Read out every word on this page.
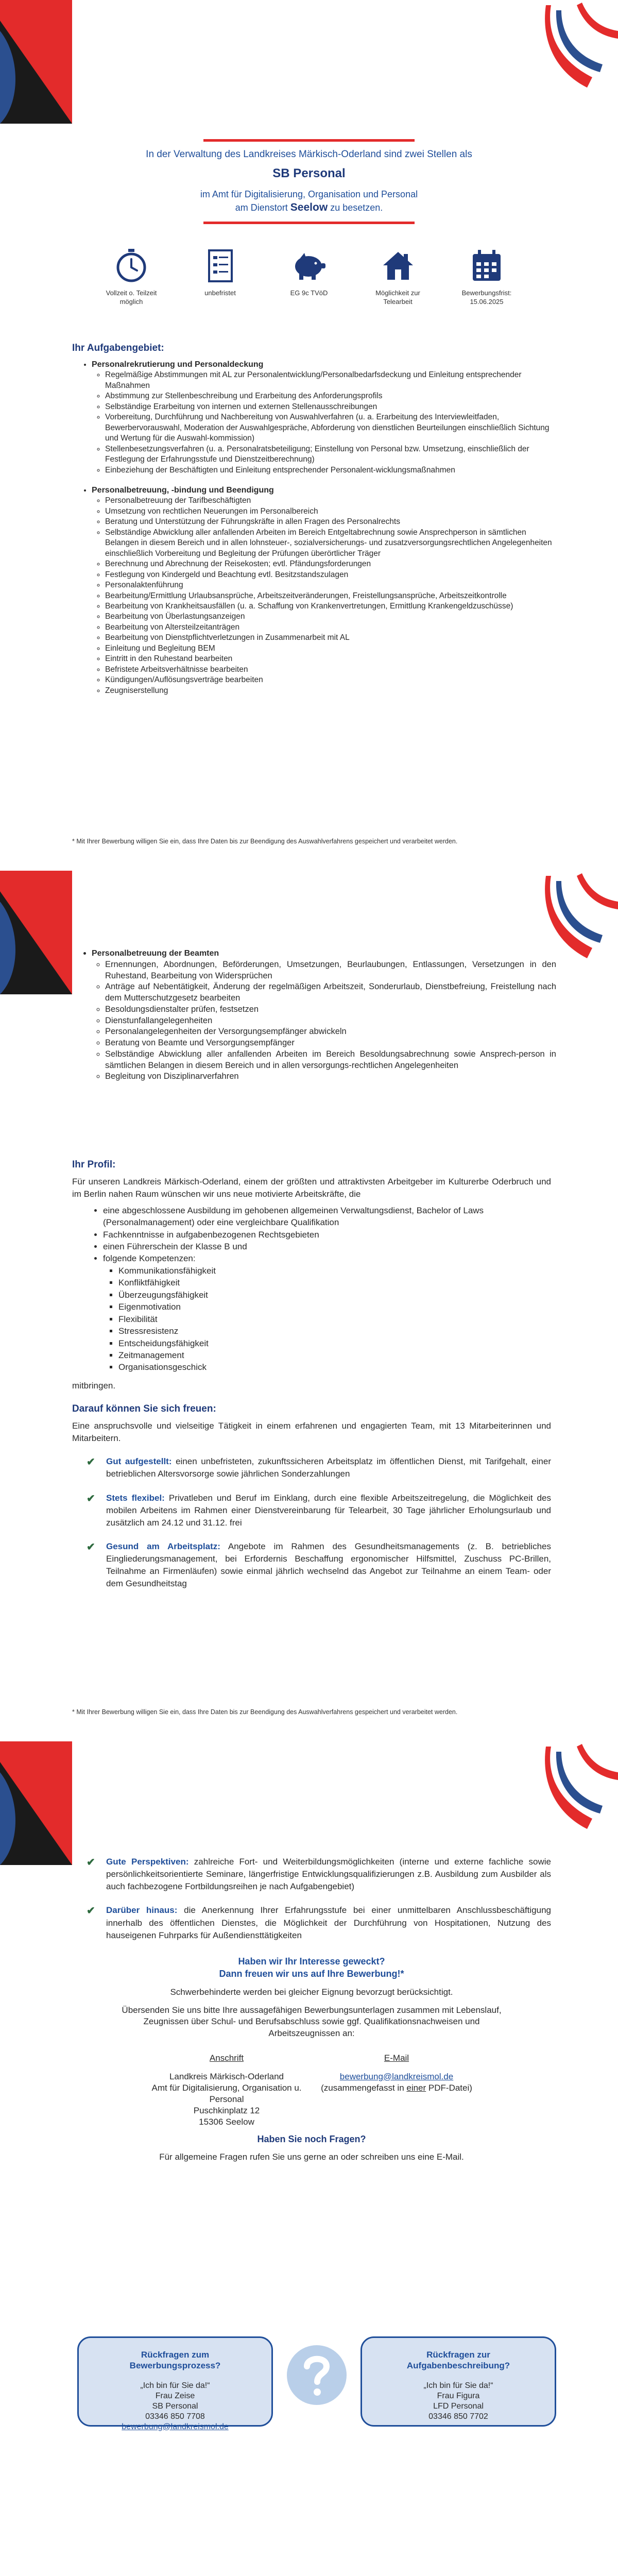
In der Verwaltung des Landkreises Märkisch-Oderland sind zwei Stellen als
SB Personal
im Amt für Digitalisierung, Organisation und Personal
am Dienstort Seelow zu besetzen.
Vollzeit o. Teilzeit möglich
unbefristet	EG 9c TVöD	Möglichkeit zur Telearbeit
Bewerbungsfrist: 15.06.2025
Ihr Aufgabengebiet:
• Personalrekrutierung und Personaldeckung
◦ Regelmäßige Abstimmungen mit AL zur Personalentwicklung/Personalbedarfsdeckung und Einleitung entsprechender Maßnahmen
◦ Abstimmung zur Stellenbeschreibung und Erarbeitung des Anforderungsprofils
◦ Selbständige Erarbeitung von internen und externen Stellenausschreibungen
◦ Vorbereitung, Durchführung und Nachbereitung von Auswahlverfahren (u. a. Erarbeitung des Interviewleitfaden, Bewerbervorauswahl, Moderation der Auswahlgespräche, Abforderung von dienstlichen Beurteilungen einschließlich Sichtung und Wertung für die Auswahl-kommission)
◦ Stellenbesetzungsverfahren (u. a. Personalratsbeteiligung; Einstellung von Personal bzw. Umsetzung, einschließlich der Festlegung der Erfahrungsstufe und Dienstzeitberechnung)
◦ Einbeziehung der Beschäftigten und Einleitung entsprechender Personalent-wicklungsmaßnahmen
• Personalbetreuung, -bindung und Beendigung
◦ Personalbetreuung der Tarifbeschäftigten
◦ Umsetzung von rechtlichen Neuerungen im Personalbereich
◦ Beratung und Unterstützung der Führungskräfte in allen Fragen des Personalrechts
◦ Selbständige Abwicklung aller anfallenden Arbeiten im Bereich Entgeltabrechnung sowie Ansprechperson in sämtlichen Belangen in diesem Bereich und in allen lohnsteuer-, sozialversicherungs- und zusatzversorgungsrechtlichen Angelegenheiten einschließlich Vorbereitung und Begleitung der Prüfungen überörtlicher Träger
◦ Berechnung und Abrechnung der Reisekosten; evtl. Pfändungsforderungen
◦ Festlegung von Kindergeld und Beachtung evtl. Besitzstandszulagen
◦ Personalaktenführung
◦ Bearbeitung/Ermittlung Urlaubsansprüche, Arbeitszeitveränderungen, Freistellungsansprüche, Arbeitszeitkontrolle
◦ Bearbeitung von Krankheitsausfällen (u. a. Schaffung von Krankenvertretungen, Ermittlung Krankengeldzuschüsse)
◦ Bearbeitung von Überlastungsanzeigen
◦ Bearbeitung von Altersteilzeitanträgen
◦ Bearbeitung von Dienstpflichtverletzungen in Zusammenarbeit mit AL
◦ Einleitung und Begleitung BEM
◦ Eintritt in den Ruhestand bearbeiten
◦ Befristete Arbeitsverhältnisse bearbeiten
◦ Kündigungen/Auflösungsverträge bearbeiten
◦ Zeugniserstellung
* Mit Ihrer Bewerbung willigen Sie ein, dass Ihre Daten bis zur Beendigung des Auswahlverfahrens gespeichert und verarbeitet werden.
• Personalbetreuung der Beamten
◦ Ernennungen, Abordnungen, Beförderungen, Umsetzungen, Beurlaubungen, Entlassungen, Versetzungen in den Ruhestand, Bearbeitung von Widersprüchen
◦ Anträge auf Nebentätigkeit, Änderung der regelmäßigen Arbeitszeit, Sonderurlaub, Dienstbefreiung, Freistellung nach dem Mutterschutzgesetz bearbeiten
◦ Besoldungsdienstalter prüfen, festsetzen
◦ Dienstunfallangelegenheiten
◦ Personalangelegenheiten der Versorgungsempfänger abwickeln
◦ Beratung von Beamte und Versorgungsempfänger
◦ Selbständige Abwicklung aller anfallenden Arbeiten im Bereich Besoldungsabrechnung sowie Ansprech-person in sämtlichen Belangen in diesem Bereich und in allen versorgungs-rechtlichen Angelegenheiten
◦ Begleitung von Disziplinarverfahren
Ihr Profil:
Für unseren Landkreis Märkisch-Oderland, einem der größten und attraktivsten Arbeitgeber im Kulturerbe Oderbruch und im Berlin nahen Raum wünschen wir uns neue motivierte Arbeitskräfte, die
• eine abgeschlossene Ausbildung im gehobenen allgemeinen Verwaltungsdienst, Bachelor of Laws (Personalmanagement) oder eine vergleichbare Qualifikation
• Fachkenntnisse in aufgabenbezogenen Rechtsgebieten
• einen Führerschein der Klasse B und
• folgende Kompetenzen:
▪ Kommunikationsfähigkeit
▪ Konfliktfähigkeit
▪ Überzeugungsfähigkeit
▪ Eigenmotivation
▪ Flexibilität
▪ Stressresistenz
▪ Entscheidungsfähigkeit
▪ Zeitmanagement
▪ Organisationsgeschick
mitbringen.
Darauf können Sie sich freuen:
Eine anspruchsvolle und vielseitige Tätigkeit in einem erfahrenen und engagierten Team, mit 13 Mitarbeiterinnen und Mitarbeitern.
✔	Gut aufgestellt: einen unbefristeten, zukunftssicheren Arbeitsplatz im öffentlichen Dienst, mit Tarifgehalt, einer betrieblichen Altersvorsorge sowie jährlichen Sonderzahlungen
✔	Stets flexibel: Privatleben und Beruf im Einklang, durch eine flexible Arbeitszeitregelung, die Möglichkeit des mobilen Arbeitens im Rahmen einer Dienstvereinbarung für Telearbeit, 30 Tage jährlicher Erholungsurlaub und zusätzlich am 24.12 und 31.12. frei
✔	Gesund am Arbeitsplatz: Angebote im Rahmen des Gesundheitsmanagements (z. B. betriebliches Eingliederungsmanagement, bei Erfordernis Beschaffung ergonomischer Hilfsmittel, Zuschuss PC-Brillen, Teilnahme an Firmenläufen) sowie einmal jährlich wechselnd das Angebot zur Teilnahme an einem Team- oder dem Gesundheitstag
* Mit Ihrer Bewerbung willigen Sie ein, dass Ihre Daten bis zur Beendigung des Auswahlverfahrens gespeichert und verarbeitet werden.
✔	Gute Perspektiven: zahlreiche Fort- und Weiterbildungsmöglichkeiten (interne und externe fachliche sowie persönlichkeitsorientierte Seminare, längerfristige Entwicklungsqualifizierungen z.B. Ausbildung zum Ausbilder als auch fachbezogene Fortbildungsreihen je nach Aufgabengebiet)
✔	Darüber hinaus: die Anerkennung Ihrer Erfahrungsstufe bei einer unmittelbaren Anschlussbeschäftigung innerhalb des öffentlichen Dienstes, die Möglichkeit der Durchführung von Hospitationen, Nutzung des hauseigenen Fuhrparks für Außendiensttätigkeiten
Haben wir Ihr Interesse geweckt?
Dann freuen wir uns auf Ihre Bewerbung!*
Schwerbehinderte werden bei gleicher Eignung bevorzugt berücksichtigt.
Übersenden Sie uns bitte Ihre aussagefähigen Bewerbungsunterlagen zusammen mit Lebenslauf, Zeugnissen über Schul- und Berufsabschluss sowie ggf. Qualifikationsnachweisen und Arbeitszeugnissen an:
Anschrift
Landkreis Märkisch-Oderland
Amt für Digitalisierung, Organisation u. Personal
Puschkinplatz 12
15306 Seelow
E-Mail
bewerbung@landkreismol.de
(zusammengefasst in einer PDF-Datei)
Haben Sie noch Fragen?
Für allgemeine Fragen rufen Sie uns gerne an oder schreiben uns eine E-Mail.
Rückfragen zum
Bewerbungsprozess?
„Ich bin für Sie da!“
Frau Zeise
SB Personal
03346 850 7708
bewerbung@landkreismol.de
Rückfragen zur
Aufgabenbeschreibung?
„Ich bin für Sie da!“
Frau Figura
LFD Personal
03346 850 7702
